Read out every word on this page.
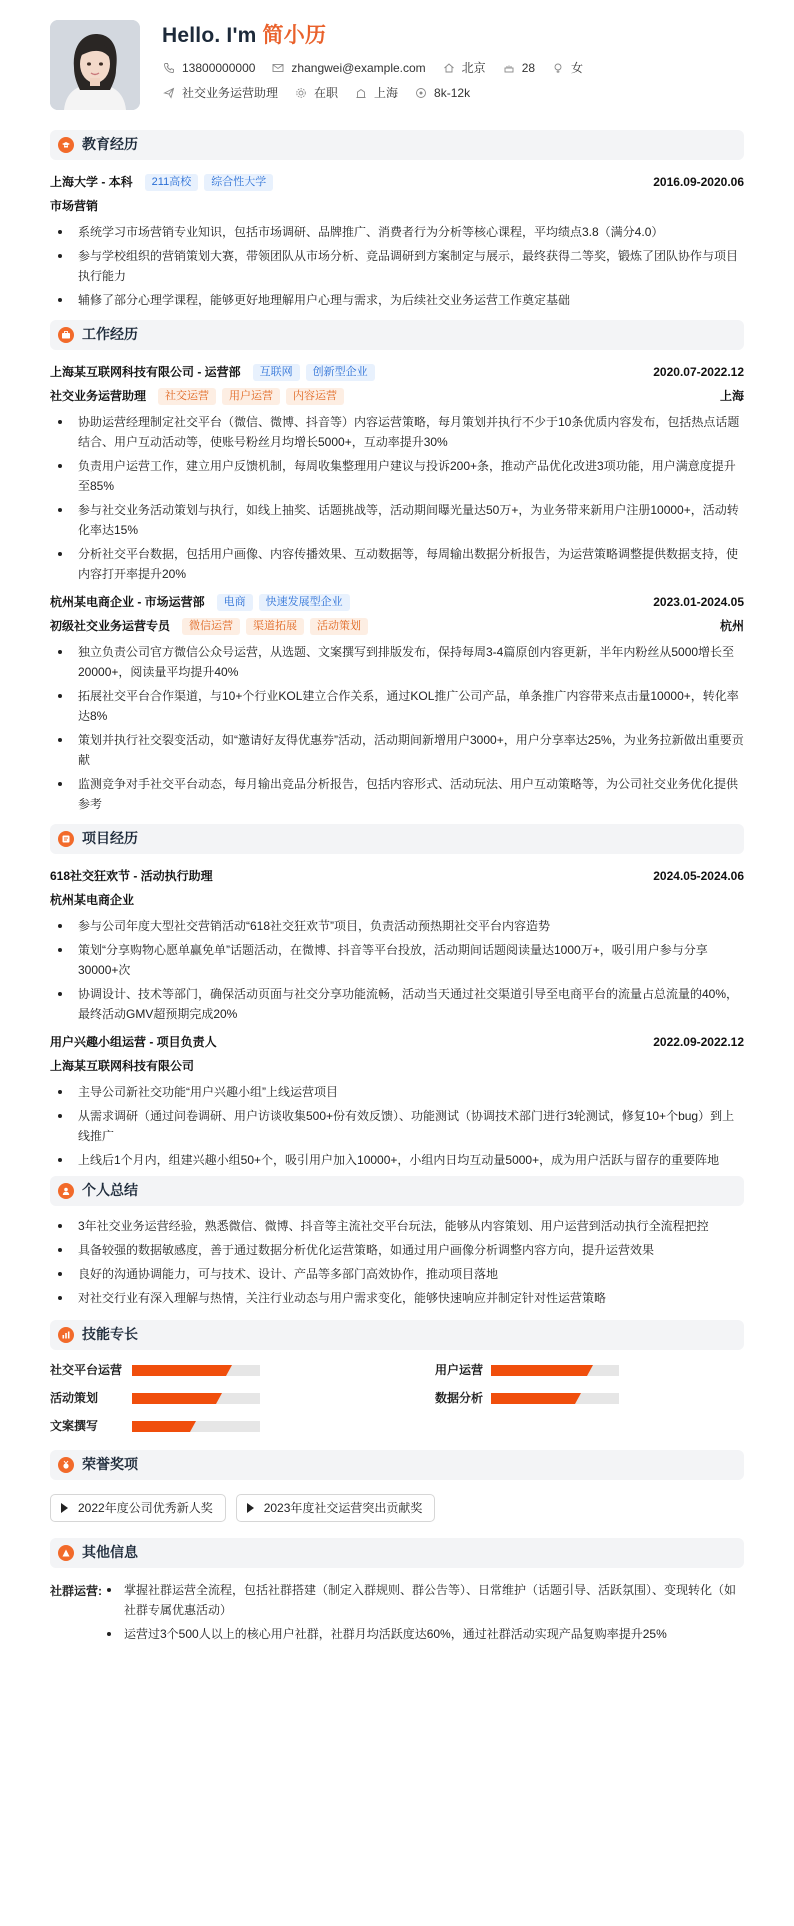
Hello. I'm 简小历
13800000000	zhangwei@example.com	北京	28	女
社交业务运营助理	在职	上海	8k-12k
教育经历
上海大学 - 本科	211高校	综合性大学	2016.09-2020.06
市场营销
系统学习市场营销专业知识，包括市场调研、品牌推广、消费者行为分析等核心课程，平均绩点3.8（满分4.0）
参与学校组织的营销策划大赛，带领团队从市场分析、竞品调研到方案制定与展示，最终获得二等奖，锻炼了团队协作与项目执行能力
辅修了部分心理学课程，能够更好地理解用户心理与需求，为后续社交业务运营工作奠定基础
工作经历
上海某互联网科技有限公司 - 运营部	互联网	创新型企业	2020.07-2022.12
社交业务运营助理	社交运营	用户运营	内容运营	上海
协助运营经理制定社交平台（微信、微博、抖音等）内容运营策略，每月策划并执行不少于10条优质内容发布，包括热点话题结合、用户互动活动等，使账号粉丝月均增长5000+，互动率提升30%
负责用户运营工作，建立用户反馈机制，每周收集整理用户建议与投诉200+条，推动产品优化改进3项功能，用户满意度提升至85%
参与社交业务活动策划与执行，如线上抽奖、话题挑战等，活动期间曝光量达50万+，为业务带来新用户注册10000+，活动转化率达15%
分析社交平台数据，包括用户画像、内容传播效果、互动数据等，每周输出数据分析报告，为运营策略调整提供数据支持，使内容打开率提升20%
杭州某电商企业 - 市场运营部	电商	快速发展型企业	2023.01-2024.05
初级社交业务运营专员	微信运营	渠道拓展	活动策划	杭州
独立负责公司官方微信公众号运营，从选题、文案撰写到排版发布，保持每周3-4篇原创内容更新，半年内粉丝从5000增长至20000+，阅读量平均提升40%
拓展社交平台合作渠道，与10+个行业KOL建立合作关系，通过KOL推广公司产品，单条推广内容带来点击量10000+，转化率达8%
策划并执行社交裂变活动，如“邀请好友得优惠券”活动，活动期间新增用户3000+，用户分享率达25%，为业务拉新做出重要贡献
监测竞争对手社交平台动态，每月输出竞品分析报告，包括内容形式、活动玩法、用户互动策略等，为公司社交业务优化提供参考
项目经历
618社交狂欢节 - 活动执行助理	2024.05-2024.06
杭州某电商企业
参与公司年度大型社交营销活动“618社交狂欢节”项目，负责活动预热期社交平台内容造势
策划“分享购物心愿单赢免单”话题活动，在微博、抖音等平台投放，活动期间话题阅读量达1000万+，吸引用户参与分享30000+次
协调设计、技术等部门，确保活动页面与社交分享功能流畅，活动当天通过社交渠道引导至电商平台的流量占总流量的40%，最终活动GMV超预期完成20%
用户兴趣小组运营 - 项目负责人	2022.09-2022.12
上海某互联网科技有限公司
主导公司新社交功能“用户兴趣小组”上线运营项目
从需求调研（通过问卷调研、用户访谈收集500+份有效反馈）、功能测试（协调技术部门进行3轮测试，修复10+个bug）到上线推广
上线后1个月内，组建兴趣小组50+个，吸引用户加入10000+，小组内日均互动量5000+，成为用户活跃与留存的重要阵地
个人总结
3年社交业务运营经验，熟悉微信、微博、抖音等主流社交平台玩法，能够从内容策划、用户运营到活动执行全流程把控
具备较强的数据敏感度，善于通过数据分析优化运营策略，如通过用户画像分析调整内容方向，提升运营效果
良好的沟通协调能力，可与技术、设计、产品等多部门高效协作，推动项目落地
对社交行业有深入理解与热情，关注行业动态与用户需求变化，能够快速响应并制定针对性运营策略
技能专长
社交平台运营	用户运营
活动策划	数据分析
文案撰写
荣誉奖项
2022年度公司优秀新人奖	2023年度社交运营突出贡献奖
其他信息
社群运营:	掌握社群运营全流程，包括社群搭建（制定入群规则、群公告等）、日常维护（话题引导、活跃氛围）、变现转化（如社群专属优惠活动）
运营过3个500人以上的核心用户社群，社群月均活跃度达60%，通过社群活动实现产品复购率提升25%
